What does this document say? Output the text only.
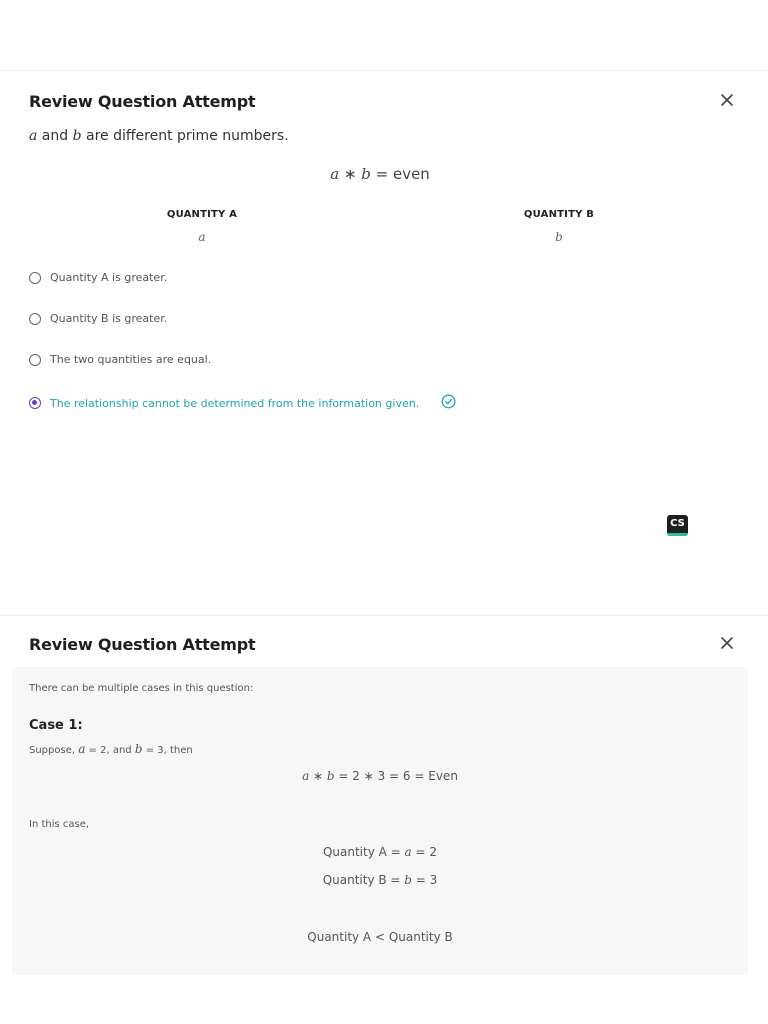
Review Question Attempt
a and b are different prime numbers.
a ∗ b = even
QUANTITY A
a
QUANTITY B
b
Quantity A is greater.
Quantity B is greater.
The two quantities are equal.
The relationship cannot be determined from the information given.
CS
Review Question Attempt
There can be multiple cases in this question:
Case 1:
Suppose, a = 2, and b = 3, then
a ∗ b = 2 ∗ 3 = 6 = Even
In this case,
Quantity A = a = 2
Quantity B = b = 3
Quantity A < Quantity B
